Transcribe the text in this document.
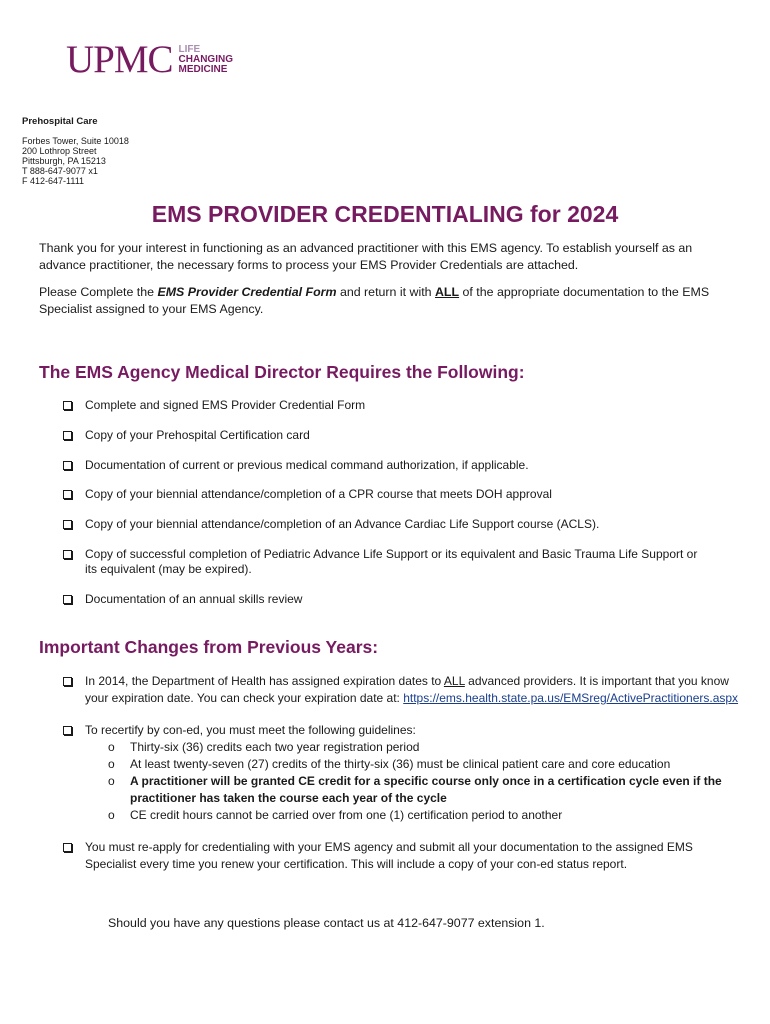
UPMC LIFE
CHANGING
MEDICINE
Prehospital Care
Forbes Tower, Suite 10018
200 Lothrop Street
Pittsburgh, PA 15213
T 888-647-9077 x1
F 412-647-1111
EMS PROVIDER CREDENTIALING for 2024

Thank you for your interest in functioning as an advanced practitioner with this EMS agency. To establish yourself as an advance practitioner, the necessary forms to process your EMS Provider Credentials are attached.

Please Complete the EMS Provider Credential Form and return it with ALL of the appropriate documentation to the EMS Specialist assigned to your EMS Agency.

The EMS Agency Medical Director Requires the Following:
Complete and signed EMS Provider Credential Form
Copy of your Prehospital Certification card
Documentation of current or previous medical command authorization, if applicable.
Copy of your biennial attendance/completion of a CPR course that meets DOH approval
Copy of your biennial attendance/completion of an Advance Cardiac Life Support course (ACLS).
Copy of successful completion of Pediatric Advance Life Support or its equivalent and Basic Trauma Life Support or its equivalent (may be expired).
Documentation of an annual skills review
Important Changes from Previous Years:
In 2014, the Department of Health has assigned expiration dates to ALL advanced providers. It is important that you know your expiration date. You can check your expiration date at: https://ems.health.state.pa.us/EMSreg/ActivePractitioners.aspx
To recertify by con-ed, you must meet the following guidelines:
o Thirty-six (36) credits each two year registration period
o At least twenty-seven (27) credits of the thirty-six (36) must be clinical patient care and core education
o A practitioner will be granted CE credit for a specific course only once in a certification cycle even if the practitioner has taken the course each year of the cycle
o CE credit hours cannot be carried over from one (1) certification period to another
You must re-apply for credentialing with your EMS agency and submit all your documentation to the assigned EMS Specialist every time you renew your certification. This will include a copy of your con-ed status report.
Should you have any questions please contact us at 412-647-9077 extension 1.
